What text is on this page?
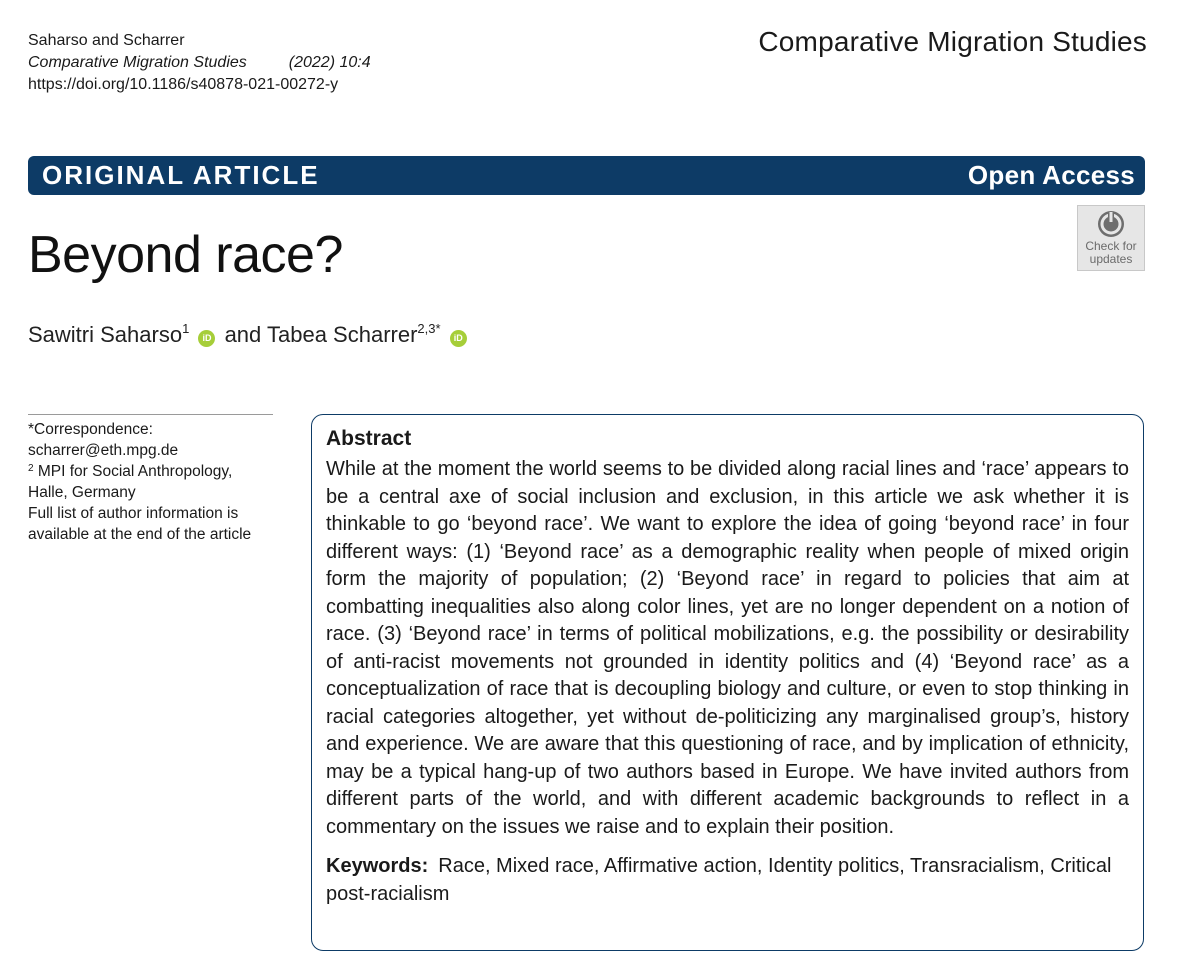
Saharso and Scharrer
Comparative Migration Studies	(2022) 10:4
https://doi.org/10.1186/s40878-021-00272-y
Comparative Migration Studies
ORIGINAL ARTICLE	Open Access
Check for
updates
Beyond race?
Sawitri Saharso$^1$ iD and Tabea Scharrer$^{2,3*}$ iD
*Correspondence:
scharrer@eth.mpg.de
$^2$ MPI for Social Anthropology, Halle, Germany
Full list of author information is available at the end of the article
Abstract
While at the moment the world seems to be divided along racial lines and ‘race’ appears to be a central axe of social inclusion and exclusion, in this article we ask whether it is thinkable to go ‘beyond race’. We want to explore the idea of going ‘beyond race’ in four different ways: (1) ‘Beyond race’ as a demographic reality when people of mixed origin form the majority of population; (2) ‘Beyond race’ in regard to policies that aim at combatting inequalities also along color lines, yet are no longer dependent on a notion of race. (3) ‘Beyond race’ in terms of political mobilizations, e.g. the possibility or desirability of anti-racist movements not grounded in identity politics and (4) ‘Beyond race’ as a conceptualization of race that is decoupling biology and culture, or even to stop thinking in racial categories altogether, yet without de-politicizing any marginalised group’s, history and experience. We are aware that this questioning of race, and by implication of ethnicity, may be a typical hang-up of two authors based in Europe. We have invited authors from different parts of the world, and with different academic backgrounds to reflect in a commentary on the issues we raise and to explain their position.
Keywords: Race, Mixed race, Affirmative action, Identity politics, Transracialism, Critical post-racialism
